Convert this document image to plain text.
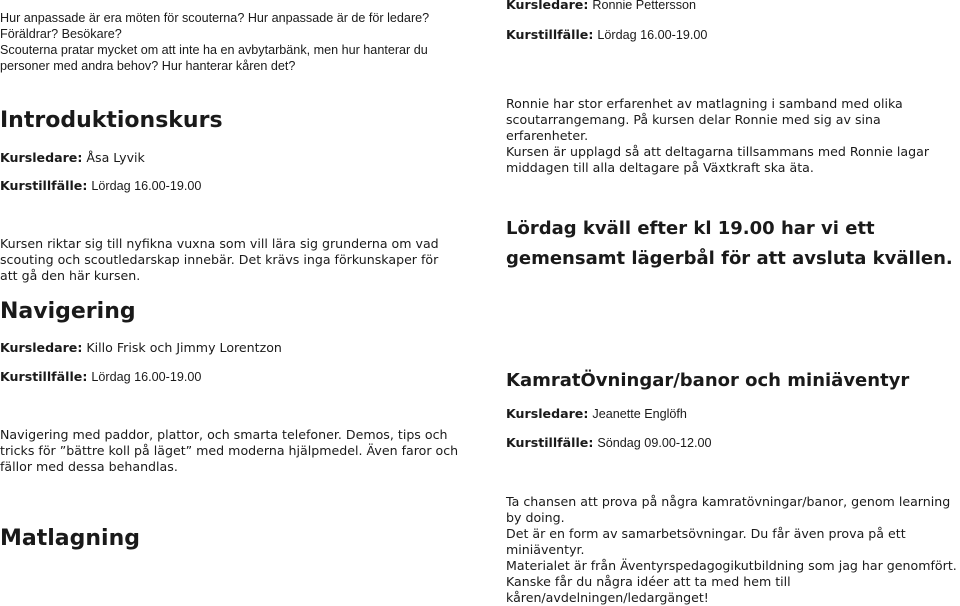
Hur anpassade är era möten för scouterna? Hur anpassade är de för ledare? Föräldrar? Besökare?

Scouterna pratar mycket om att inte ha en avbytarbänk, men hur hanterar du personer med andra behov? Hur hanterar kåren det?

Introduktionskurs
Kursledare: Åsa Lyvik
Kurstillfälle: Lördag 16.00-19.00
Kursen riktar sig till nyfikna vuxna som vill lära sig grunderna om vad scouting och scoutledarskap innebär. Det krävs inga förkunskaper för att gå den här kursen.
Navigering
Kursledare: Killo Frisk och Jimmy Lorentzon
Kurstillfälle: Lördag 16.00-19.00
Navigering med paddor, plattor, och smarta telefoner. Demos, tips och tricks för ”bättre koll på läget” med moderna hjälpmedel. Även faror och fällor med dessa behandlas.
Matlagning
Kursledare: Ronnie Pettersson
Kurstillfälle: Lördag 16.00-19.00

Ronnie har stor erfarenhet av matlagning i samband med olika scoutarrangemang. På kursen delar Ronnie med sig av sina erfarenheter.

Kursen är upplagd så att deltagarna tillsammans med Ronnie lagar middagen till alla deltagare på Växtkraft ska äta.

Lördag kväll efter kl 19.00 har vi ett

gemensamt lägerbål för att avsluta kvällen.

KamratÖvningar/banor och miniäventyr
Kursledare: Jeanette Englöfh
Kurstillfälle: Söndag 09.00-12.00

Ta chansen att prova på några kamratövningar/banor, genom learning by doing.

Det är en form av samarbetsövningar. Du får även prova på ett miniäventyr.

Materialet är från Äventyrspedagogikutbildning som jag har genomfört.

Kanske får du några idéer att ta med hem till kåren/avdelningen/ledargänget!
